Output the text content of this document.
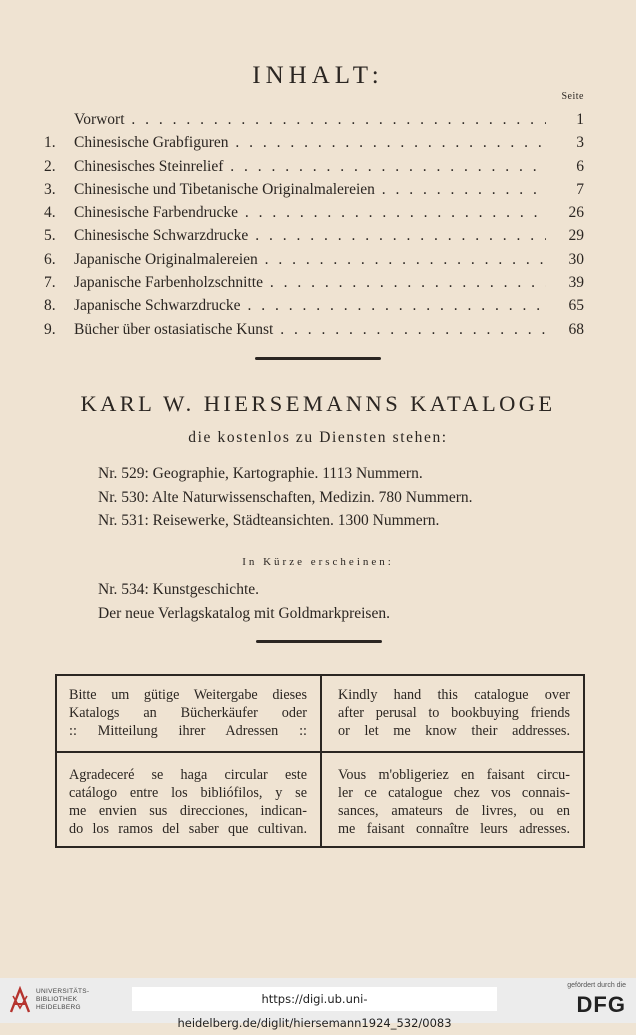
INHALT:
Seite
Vorwort . . .	1
1.	Chinesische Grabfiguren . . .	3
2.	Chinesisches Steinrelief . . .	6
3.	Chinesische und Tibetanische Originalmalereien . . .	7
4.	Chinesische Farbendrucke . . .	26
5.	Chinesische Schwarzdrucke . . .	29
6.	Japanische Originalmalereien . . .	30
7.	Japanische Farbenholzschnitte . . .	39
8.	Japanische Schwarzdrucke . . .	65
9.	Bücher über ostasiatische Kunst . . .	68
KARL W. HIERSEMANNS KATALOGE
die kostenlos zu Diensten stehen:
Nr. 529: Geographie, Kartographie. 1113 Nummern.
Nr. 530: Alte Naturwissenschaften, Medizin. 780 Nummern.
Nr. 531: Reisewerke, Städteansichten. 1300 Nummern.
In Kürze erscheinen:
Nr. 534: Kunstgeschichte.
Der neue Verlagskatalog mit Goldmarkpreisen.
Bitte um gütige Weitergabe dieses
Katalogs an Bücherkäufer oder
:: Mitteilung ihrer Adressen ::
Kindly hand this catalogue over
after perusal to bookbuying friends
or let me know their addresses.
Agradeceré se haga circular este
catálogo entre los bibliófilos, y se
me envien sus direcciones, indican-
do los ramos del saber que cultivan.
Vous m'obligeriez en faisant circu-
ler ce catalogue chez vos connais-
sances, amateurs de livres, ou en
me faisant connaître leurs adresses.
UNIVERSITÄTS-
BIBLIOTHEK
HEIDELBERG
https://digi.ub.uni-heidelberg.de/diglit/hiersemann1924_532/0083
gefördert durch die
DFG
